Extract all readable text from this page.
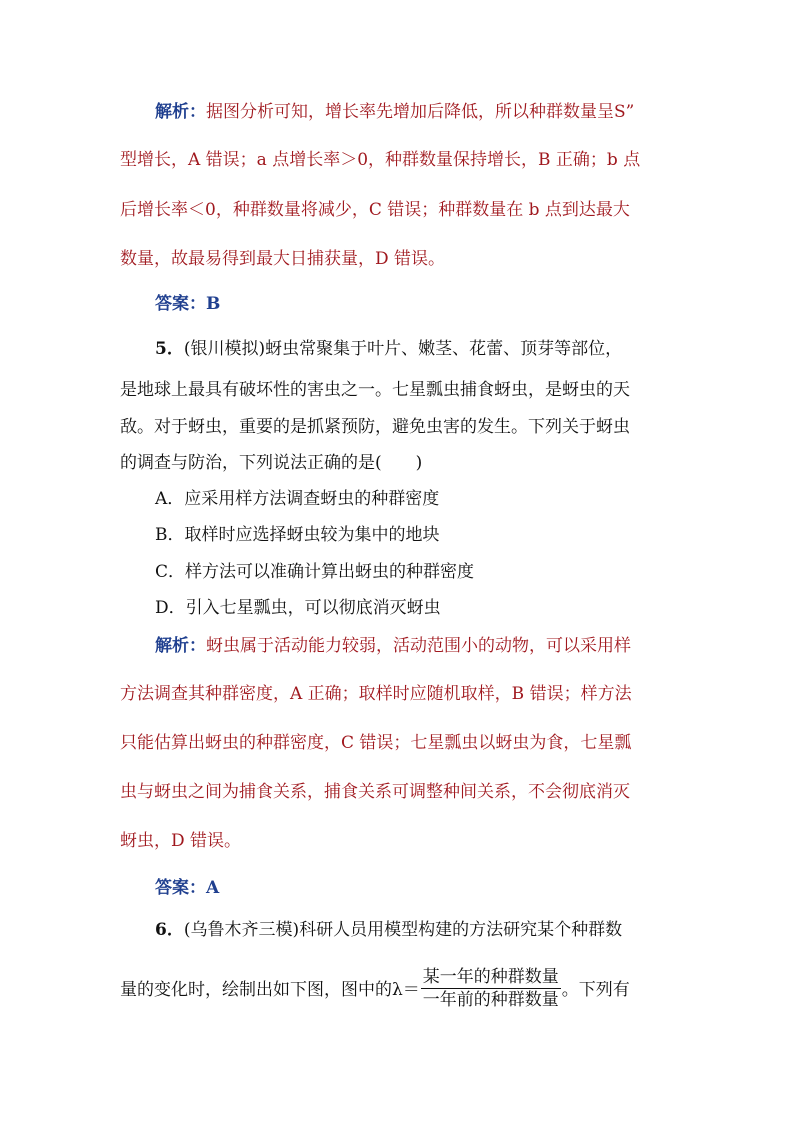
解析：据图分析可知，增长率先增加后降低，所以种群数量呈S”
型增长，A 错误；a 点增长率＞0，种群数量保持增长，B 正确；b 点
后增长率＜0，种群数量将减少，C 错误；种群数量在 b 点到达最大
数量，故最易得到最大日捕获量，D 错误。
答案：B
5．(银川模拟)蚜虫常聚集于叶片、嫩茎、花蕾、顶芽等部位，
是地球上最具有破坏性的害虫之一。七星瓢虫捕食蚜虫，是蚜虫的天
敌。对于蚜虫，重要的是抓紧预防，避免虫害的发生。下列关于蚜虫
的调查与防治，下列说法正确的是(　　)
A．应采用样方法调查蚜虫的种群密度
B．取样时应选择蚜虫较为集中的地块
C．样方法可以准确计算出蚜虫的种群密度
D．引入七星瓢虫，可以彻底消灭蚜虫
解析：蚜虫属于活动能力较弱，活动范围小的动物，可以采用样
方法调查其种群密度，A 正确；取样时应随机取样，B 错误；样方法
只能估算出蚜虫的种群密度，C 错误；七星瓢虫以蚜虫为食，七星瓢
虫与蚜虫之间为捕食关系，捕食关系可调整种间关系，不会彻底消灭
蚜虫，D 错误。
答案：A
6．(乌鲁木齐三模)科研人员用模型构建的方法研究某个种群数
量的变化时，绘制出如下图，图中的$\lambda= \frac{\text{某一年的种群数量}}{\text{一年前的种群数量}}$ 。下列有
